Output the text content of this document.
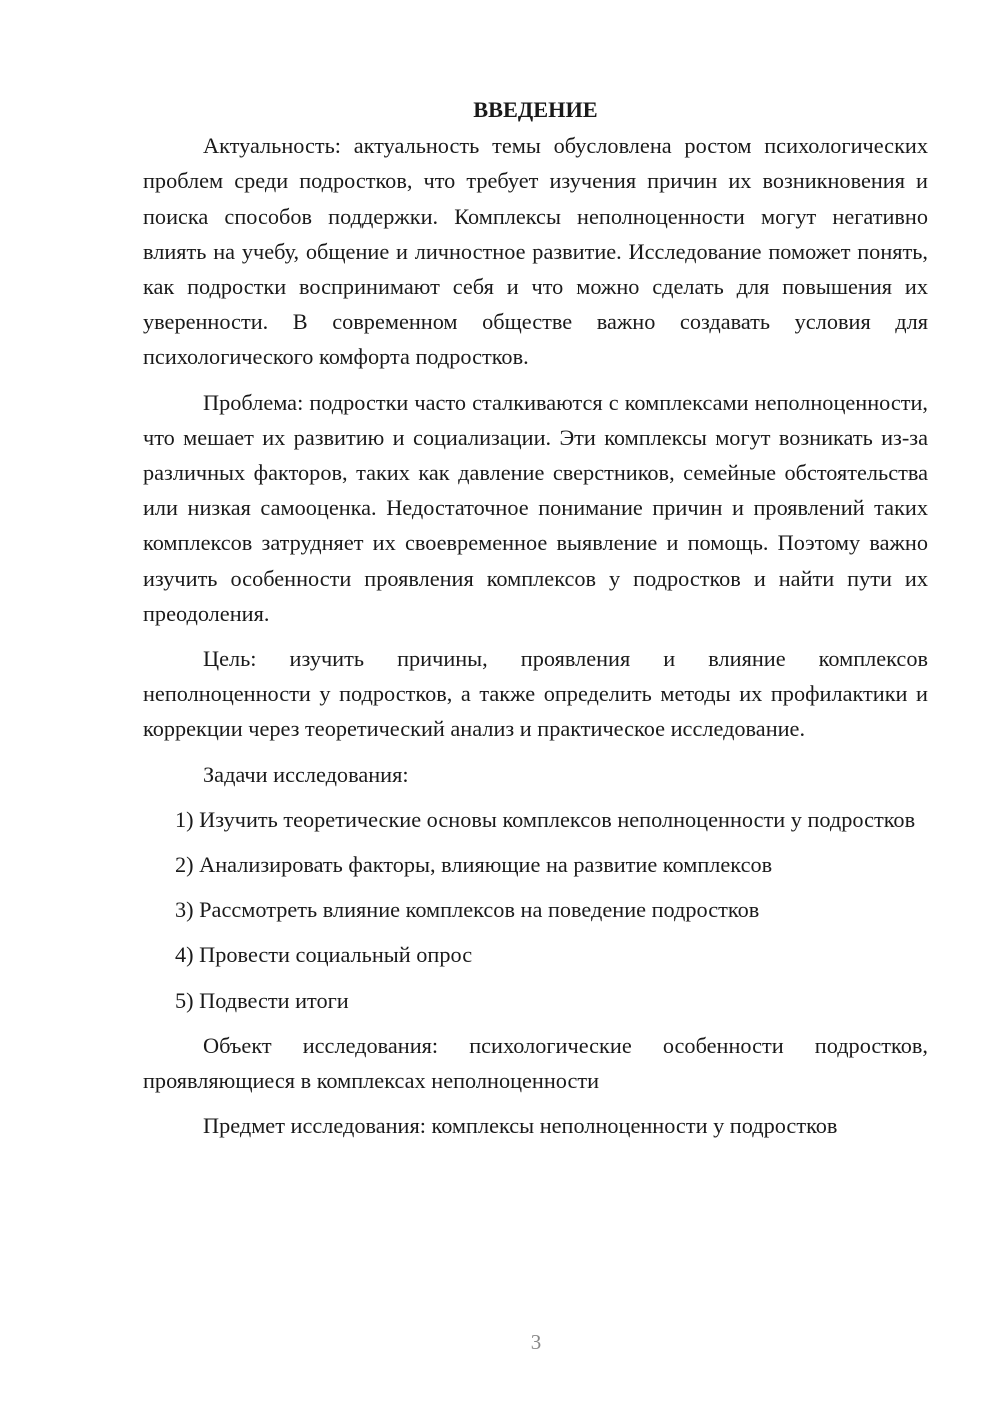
ВВЕДЕНИЕ

Актуальность: актуальность темы обусловлена ростом психологических проблем среди подростков, что требует изучения причин их возникновения и поиска способов поддержки. Комплексы неполноценности могут негативно влиять на учебу, общение и личностное развитие. Исследование поможет понять, как подростки воспринимают себя и что можно сделать для повышения их уверенности. В современном обществе важно создавать условия для психологического комфорта подростков.

Проблема: подростки часто сталкиваются с комплексами неполноценности, что мешает их развитию и социализации. Эти комплексы могут возникать из-за различных факторов, таких как давление сверстников, семейные обстоятельства или низкая самооценка. Недостаточное понимание причин и проявлений таких комплексов затрудняет их своевременное выявление и помощь. Поэтому важно изучить особенности проявления комплексов у подростков и найти пути их преодоления.

Цель: изучить причины, проявления и влияние комплексов неполноценности у подростков, а также определить методы их профилактики и коррекции через теоретический анализ и практическое исследование.

Задачи исследования:

1) Изучить теоретические основы комплексов неполноценности у подростков

2) Анализировать факторы, влияющие на развитие комплексов

3) Рассмотреть влияние комплексов на поведение подростков

4) Провести социальный опрос

5) Подвести итоги

Объект исследования: психологические особенности подростков, проявляющиеся в комплексах неполноценности

Предмет исследования: комплексы неполноценности у подростков

3
